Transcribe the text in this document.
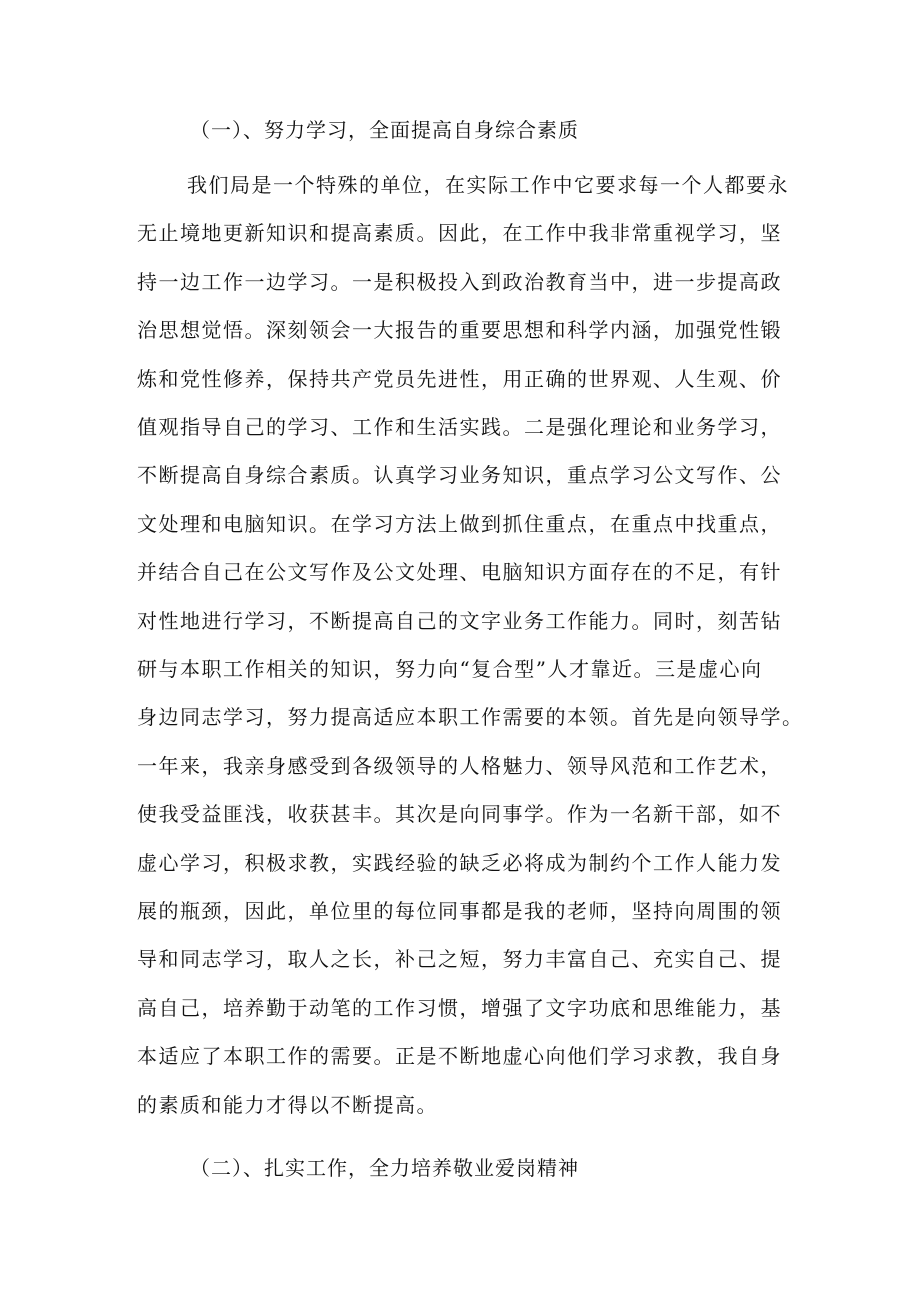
（一）、努力学习，全面提高自身综合素质
我们局是一个特殊的单位，在实际工作中它要求每一个人都要永
无止境地更新知识和提高素质。因此，在工作中我非常重视学习，坚
持一边工作一边学习。一是积极投入到政治教育当中，进一步提高政
治思想觉悟。深刻领会一大报告的重要思想和科学内涵，加强党性锻
炼和党性修养，保持共产党员先进性，用正确的世界观、人生观、价
值观指导自己的学习、工作和生活实践。二是强化理论和业务学习，
不断提高自身综合素质。认真学习业务知识，重点学习公文写作、公
文处理和电脑知识。在学习方法上做到抓住重点，在重点中找重点，
并结合自己在公文写作及公文处理、电脑知识方面存在的不足，有针
对性地进行学习，不断提高自己的文字业务工作能力。同时，刻苦钻
研与本职工作相关的知识，努力向“复合型”人才靠近。三是虚心向
身边同志学习，努力提高适应本职工作需要的本领。首先是向领导学。
一年来，我亲身感受到各级领导的人格魅力、领导风范和工作艺术，
使我受益匪浅，收获甚丰。其次是向同事学。作为一名新干部，如不
虚心学习，积极求教，实践经验的缺乏必将成为制约个工作人能力发
展的瓶颈，因此，单位里的每位同事都是我的老师，坚持向周围的领
导和同志学习，取人之长，补己之短，努力丰富自己、充实自己、提
高自己，培养勤于动笔的工作习惯，增强了文字功底和思维能力，基
本适应了本职工作的需要。正是不断地虚心向他们学习求教，我自身
的素质和能力才得以不断提高。
（二）、扎实工作，全力培养敬业爱岗精神
